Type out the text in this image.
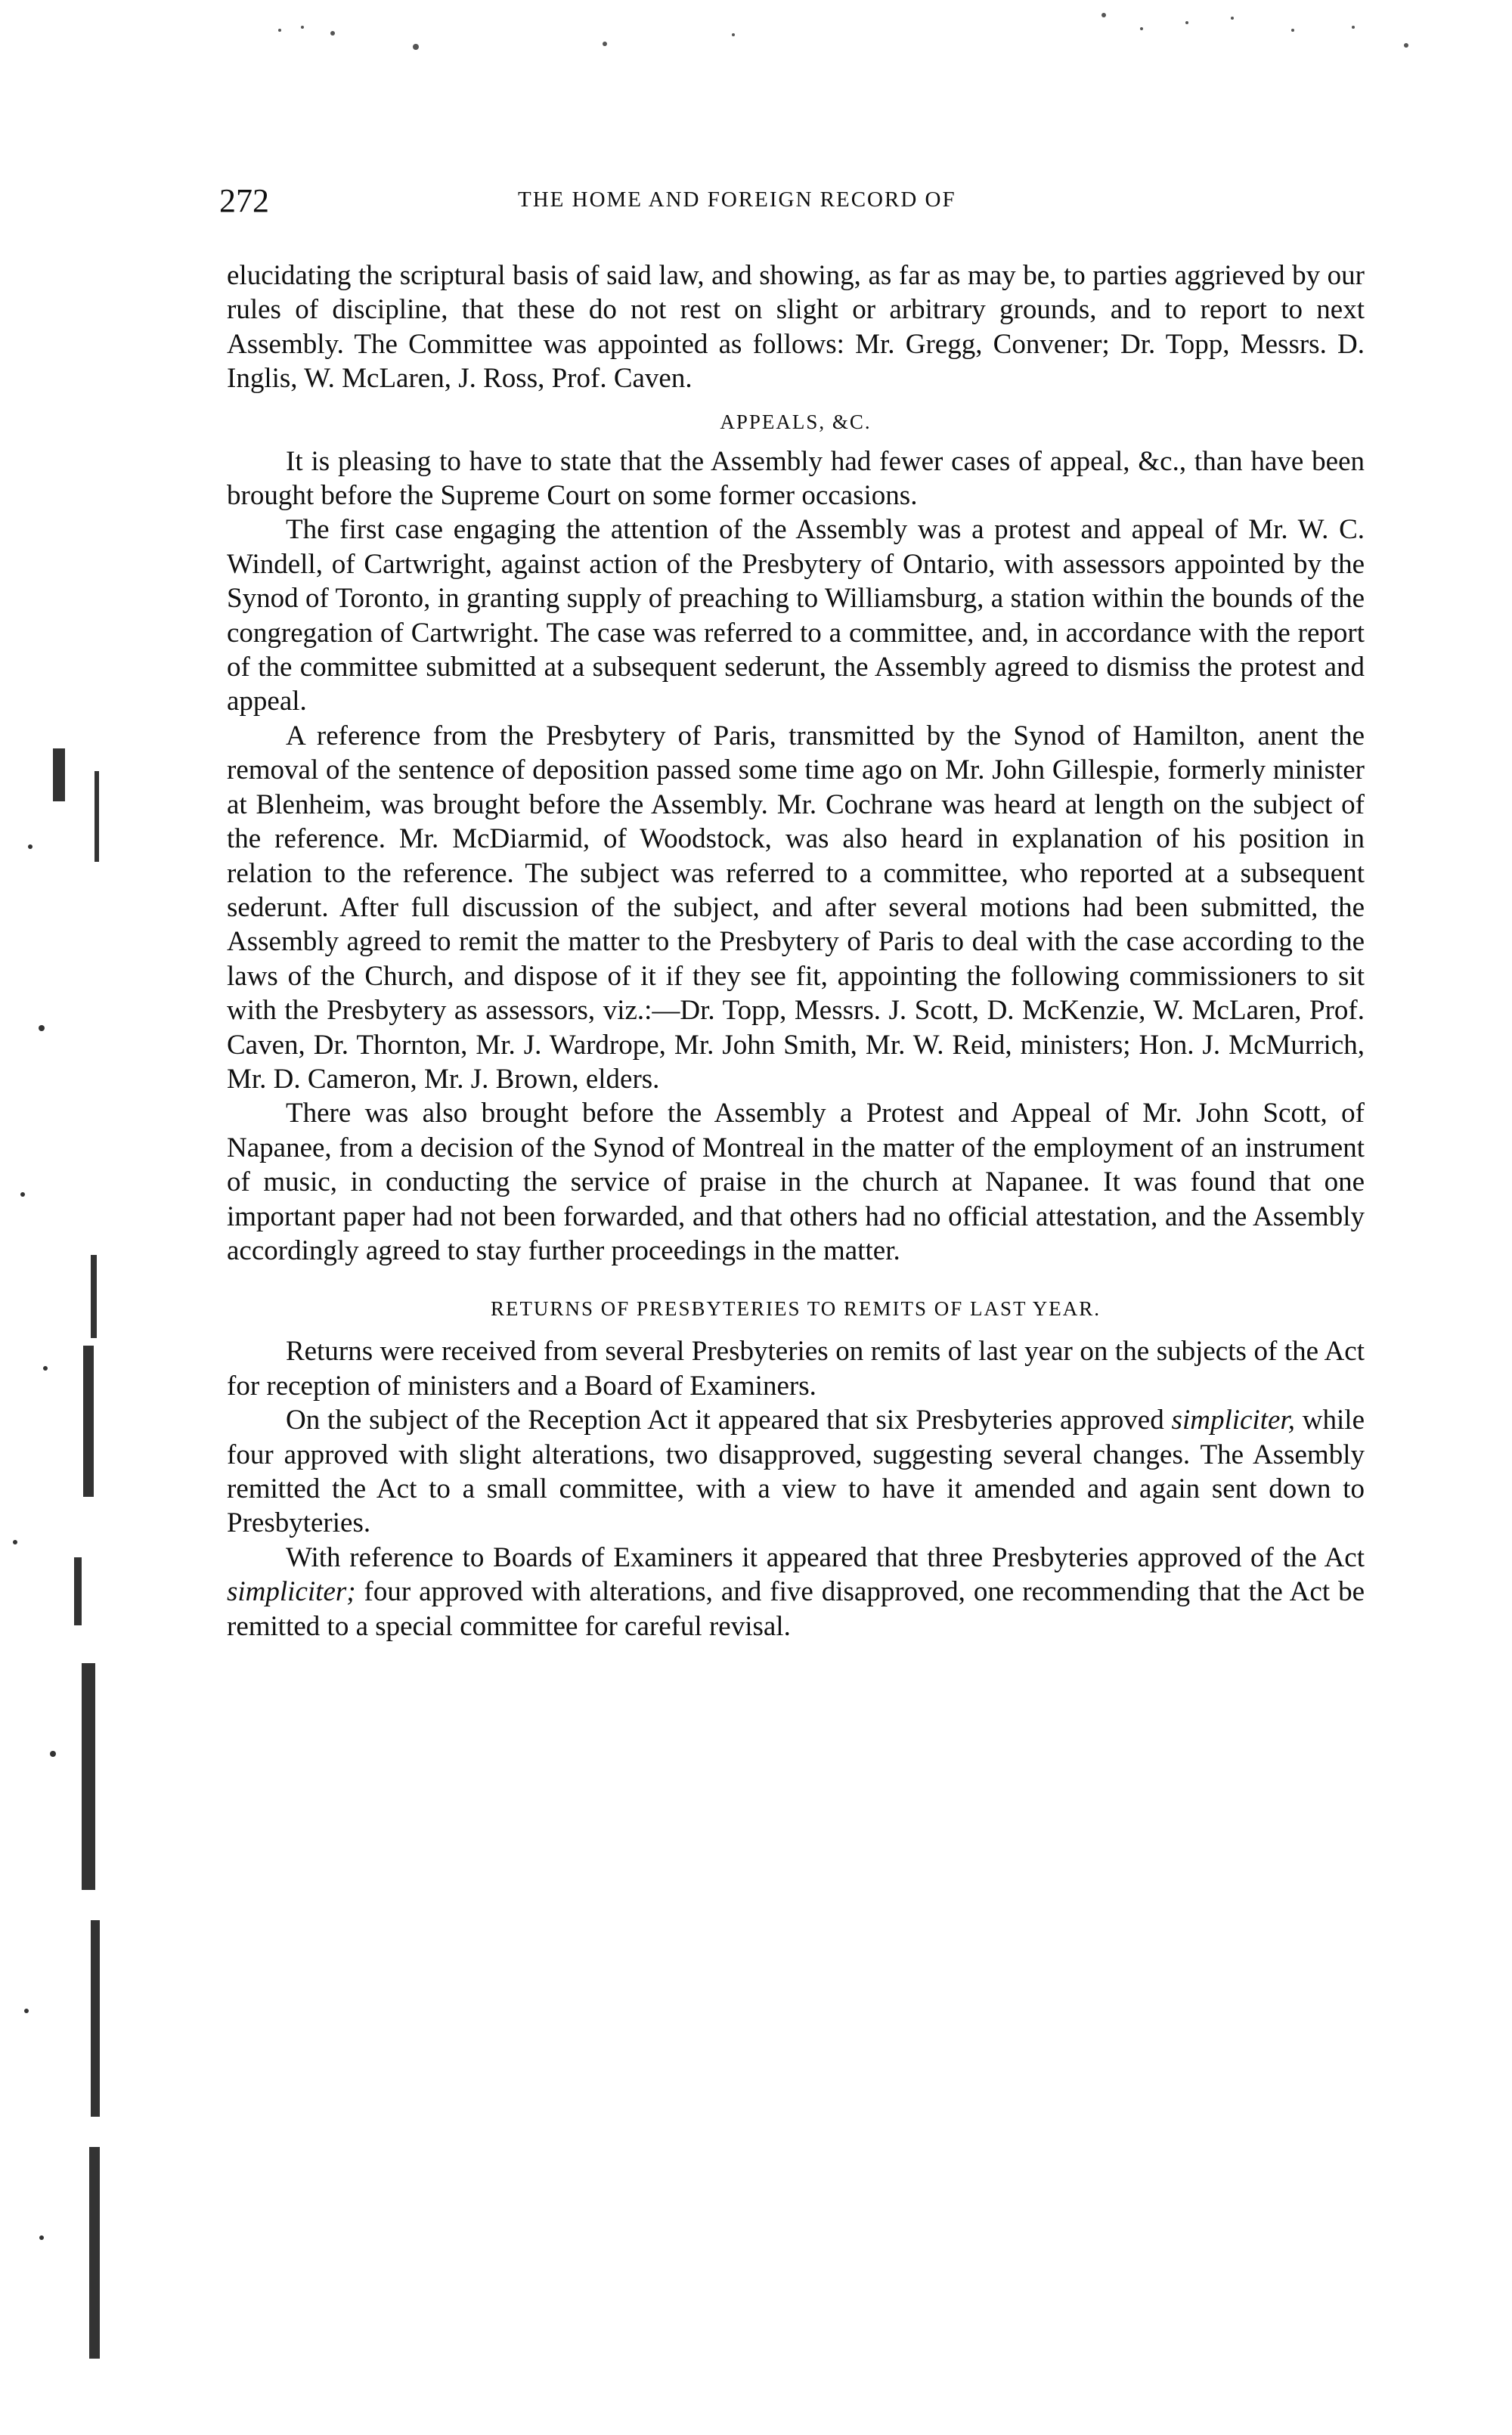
272	THE HOME AND FOREIGN RECORD OF

elucidating the scriptural basis of said law, and showing, as far as may be, to parties aggrieved by our rules of discipline, that these do not rest on slight or arbitrary grounds, and to report to next Assembly. The Committee was appointed as follows: Mr. Gregg, Convener; Dr. Topp, Messrs. D. Inglis, W. McLaren, J. Ross, Prof. Caven.

APPEALS, &C.

It is pleasing to have to state that the Assembly had fewer cases of appeal, &c., than have been brought before the Supreme Court on some former occasions.

The first case engaging the attention of the Assembly was a protest and appeal of Mr. W. C. Windell, of Cartwright, against action of the Presbytery of Ontario, with assessors appointed by the Synod of Toronto, in granting supply of preaching to Williamsburg, a station within the bounds of the congregation of Cartwright. The case was referred to a committee, and, in accordance with the report of the committee submitted at a subsequent sederunt, the Assembly agreed to dismiss the protest and appeal.

A reference from the Presbytery of Paris, transmitted by the Synod of Hamilton, anent the removal of the sentence of deposition passed some time ago on Mr. John Gillespie, formerly minister at Blenheim, was brought before the Assembly. Mr. Cochrane was heard at length on the subject of the reference. Mr. McDiarmid, of Woodstock, was also heard in explanation of his position in relation to the reference. The subject was referred to a committee, who reported at a subsequent sederunt. After full discussion of the subject, and after several motions had been submitted, the Assembly agreed to remit the matter to the Presbytery of Paris to deal with the case according to the laws of the Church, and dispose of it if they see fit, appointing the following commissioners to sit with the Presbytery as assessors, viz.:—Dr. Topp, Messrs. J. Scott, D. McKenzie, W. McLaren, Prof. Caven, Dr. Thornton, Mr. J. Wardrope, Mr. John Smith, Mr. W. Reid, ministers; Hon. J. McMurrich, Mr. D. Cameron, Mr. J. Brown, elders.

There was also brought before the Assembly a Protest and Appeal of Mr. John Scott, of Napanee, from a decision of the Synod of Montreal in the matter of the employment of an instrument of music, in conducting the service of praise in the church at Napanee. It was found that one important paper had not been forwarded, and that others had no official attestation, and the Assembly accordingly agreed to stay further proceedings in the matter.

RETURNS OF PRESBYTERIES TO REMITS OF LAST YEAR.

Returns were received from several Presbyteries on remits of last year on the subjects of the Act for reception of ministers and a Board of Examiners.

On the subject of the Reception Act it appeared that six Presbyteries approved simpliciter, while four approved with slight alterations, two disapproved, suggesting several changes. The Assembly remitted the Act to a small committee, with a view to have it amended and again sent down to Presbyteries.

With reference to Boards of Examiners it appeared that three Presbyteries approved of the Act simpliciter; four approved with alterations, and five disapproved, one recommending that the Act be remitted to a special committee for careful revisal.
